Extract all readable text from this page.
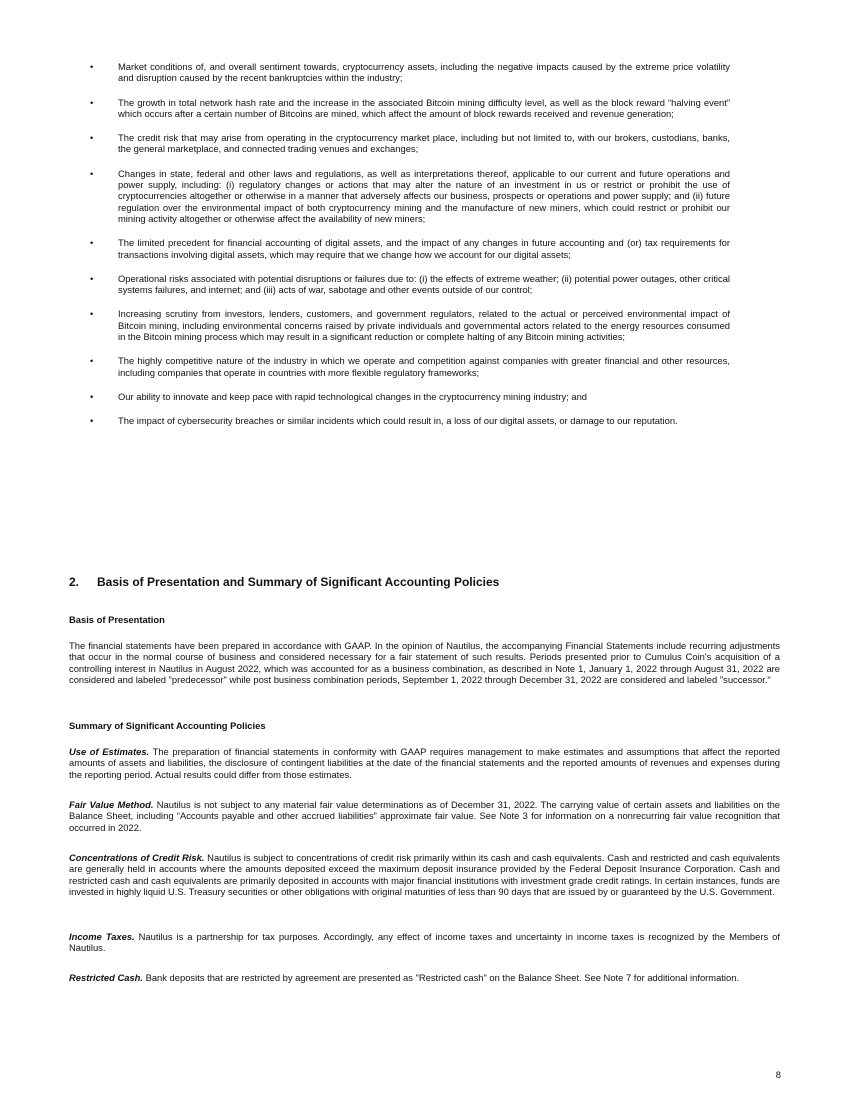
•	Market conditions of, and overall sentiment towards, cryptocurrency assets, including the negative impacts caused by the extreme price volatility and disruption caused by the recent bankruptcies within the industry;
•	The growth in total network hash rate and the increase in the associated Bitcoin mining difficulty level, as well as the block reward “halving event” which occurs after a certain number of Bitcoins are mined, which affect the amount of block rewards received and revenue generation;
•	The credit risk that may arise from operating in the cryptocurrency market place, including but not limited to, with our brokers, custodians, banks, the general marketplace, and connected trading venues and exchanges;
•	Changes in state, federal and other laws and regulations, as well as interpretations thereof, applicable to our current and future operations and power supply, including: (i) regulatory changes or actions that may alter the nature of an investment in us or restrict or prohibit the use of cryptocurrencies altogether or otherwise in a manner that adversely affects our business, prospects or operations and power supply; and (ii) future regulation over the environmental impact of both cryptocurrency mining and the manufacture of new miners, which could restrict or prohibit our mining activity altogether or otherwise affect the availability of new miners;
•	The limited precedent for financial accounting of digital assets, and the impact of any changes in future accounting and (or) tax requirements for transactions involving digital assets, which may require that we change how we account for our digital assets;
•	Operational risks associated with potential disruptions or failures due to: (i) the effects of extreme weather; (ii) potential power outages, other critical systems failures, and internet; and (iii) acts of war, sabotage and other events outside of our control;
•	Increasing scrutiny from investors, lenders, customers, and government regulators, related to the actual or perceived environmental impact of Bitcoin mining, including environmental concerns raised by private individuals and governmental actors related to the energy resources consumed in the Bitcoin mining process which may result in a significant reduction or complete halting of any Bitcoin mining activities;
•	The highly competitive nature of the industry in which we operate and competition against companies with greater financial and other resources, including companies that operate in countries with more flexible regulatory frameworks;
•	Our ability to innovate and keep pace with rapid technological changes in the cryptocurrency mining industry; and
•	The impact of cybersecurity breaches or similar incidents which could result in, a loss of our digital assets, or damage to our reputation.
2. Basis of Presentation and Summary of Significant Accounting Policies

Basis of Presentation

The financial statements have been prepared in accordance with GAAP. In the opinion of Nautilus, the accompanying Financial Statements include recurring adjustments that occur in the normal course of business and considered necessary for a fair statement of such results. Periods presented prior to Cumulus Coin's acquisition of a controlling interest in Nautilus in August 2022, which was accounted for as a business combination, as described in Note 1, January 1, 2022 through August 31, 2022 are considered and labeled "predecessor" while post business combination periods, September 1, 2022 through December 31, 2022 are considered and labeled "successor."

Summary of Significant Accounting Policies

Use of Estimates. The preparation of financial statements in conformity with GAAP requires management to make estimates and assumptions that affect the reported amounts of assets and liabilities, the disclosure of contingent liabilities at the date of the financial statements and the reported amounts of revenues and expenses during the reporting period. Actual results could differ from those estimates.

Fair Value Method. Nautilus is not subject to any material fair value determinations as of December 31, 2022. The carrying value of certain assets and liabilities on the Balance Sheet, including “Accounts payable and other accrued liabilities” approximate fair value. See Note 3 for information on a nonrecurring fair value recognition that occurred in 2022.

Concentrations of Credit Risk. Nautilus is subject to concentrations of credit risk primarily within its cash and cash equivalents. Cash and restricted and cash equivalents are generally held in accounts where the amounts deposited exceed the maximum deposit insurance provided by the Federal Deposit Insurance Corporation. Cash and restricted cash and cash equivalents are primarily deposited in accounts with major financial institutions with investment grade credit ratings. In certain instances, funds are invested in highly liquid U.S. Treasury securities or other obligations with original maturities of less than 90 days that are issued by or guaranteed by the U.S. Government.

Income Taxes. Nautilus is a partnership for tax purposes. Accordingly, any effect of income taxes and uncertainty in income taxes is recognized by the Members of Nautilus.

Restricted Cash. Bank deposits that are restricted by agreement are presented as "Restricted cash" on the Balance Sheet. See Note 7 for additional information.

8
